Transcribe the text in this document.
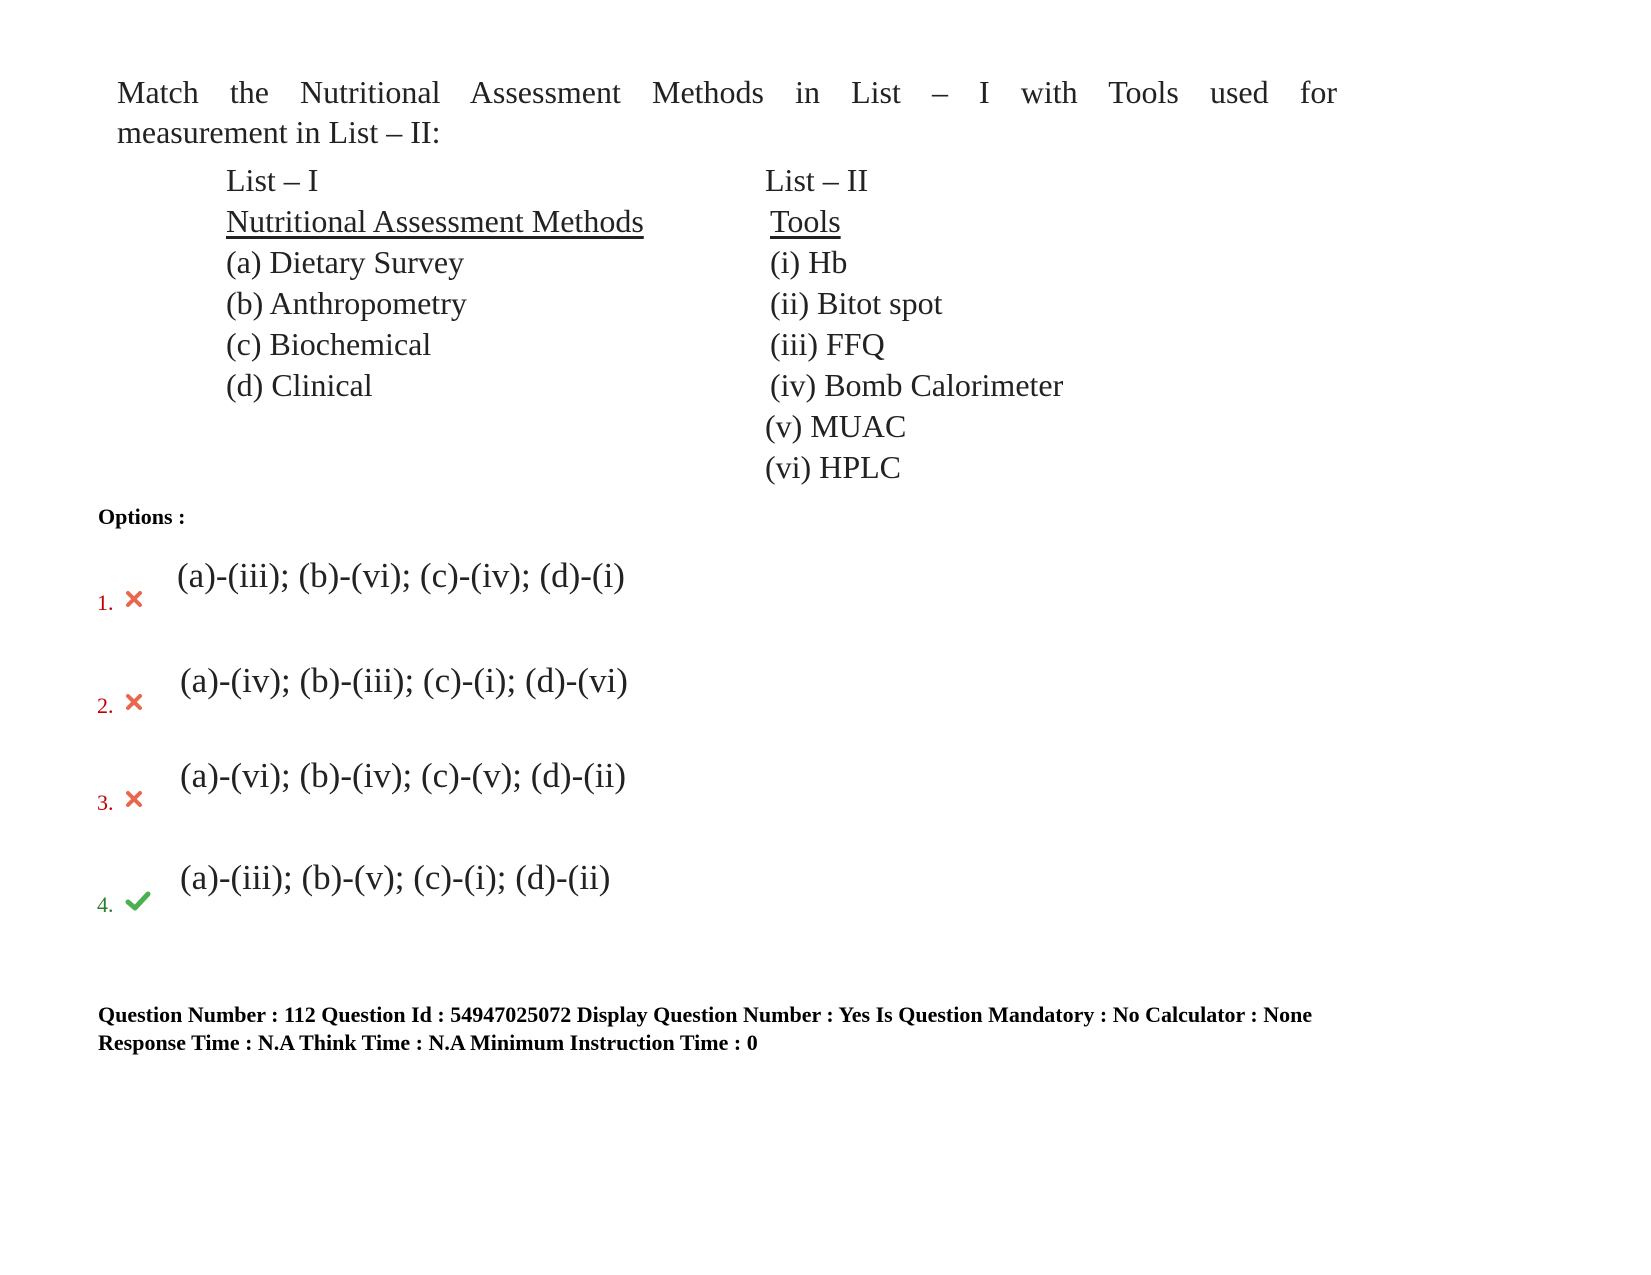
Match the Nutritional Assessment Methods in List – I with Tools used for

measurement in List – II:

List – I
Nutritional Assessment Methods
(a) Dietary Survey
(b) Anthropometry
(c) Biochemical
(d) Clinical
List – II
Tools
(i) Hb
(ii) Bitot spot
(iii) FFQ
(iv) Bomb Calorimeter
(v) MUAC
(vi) HPLC
Options :
1.
(a)-(iii); (b)-(vi); (c)-(iv); (d)-(i)
2.
(a)-(iv); (b)-(iii); (c)-(i); (d)-(vi)
3.
(a)-(vi); (b)-(iv); (c)-(v); (d)-(ii)
4.
(a)-(iii); (b)-(v); (c)-(i); (d)-(ii)
Question Number : 112 Question Id : 54947025072 Display Question Number : Yes Is Question Mandatory : No Calculator : None
Response Time : N.A Think Time : N.A Minimum Instruction Time : 0
